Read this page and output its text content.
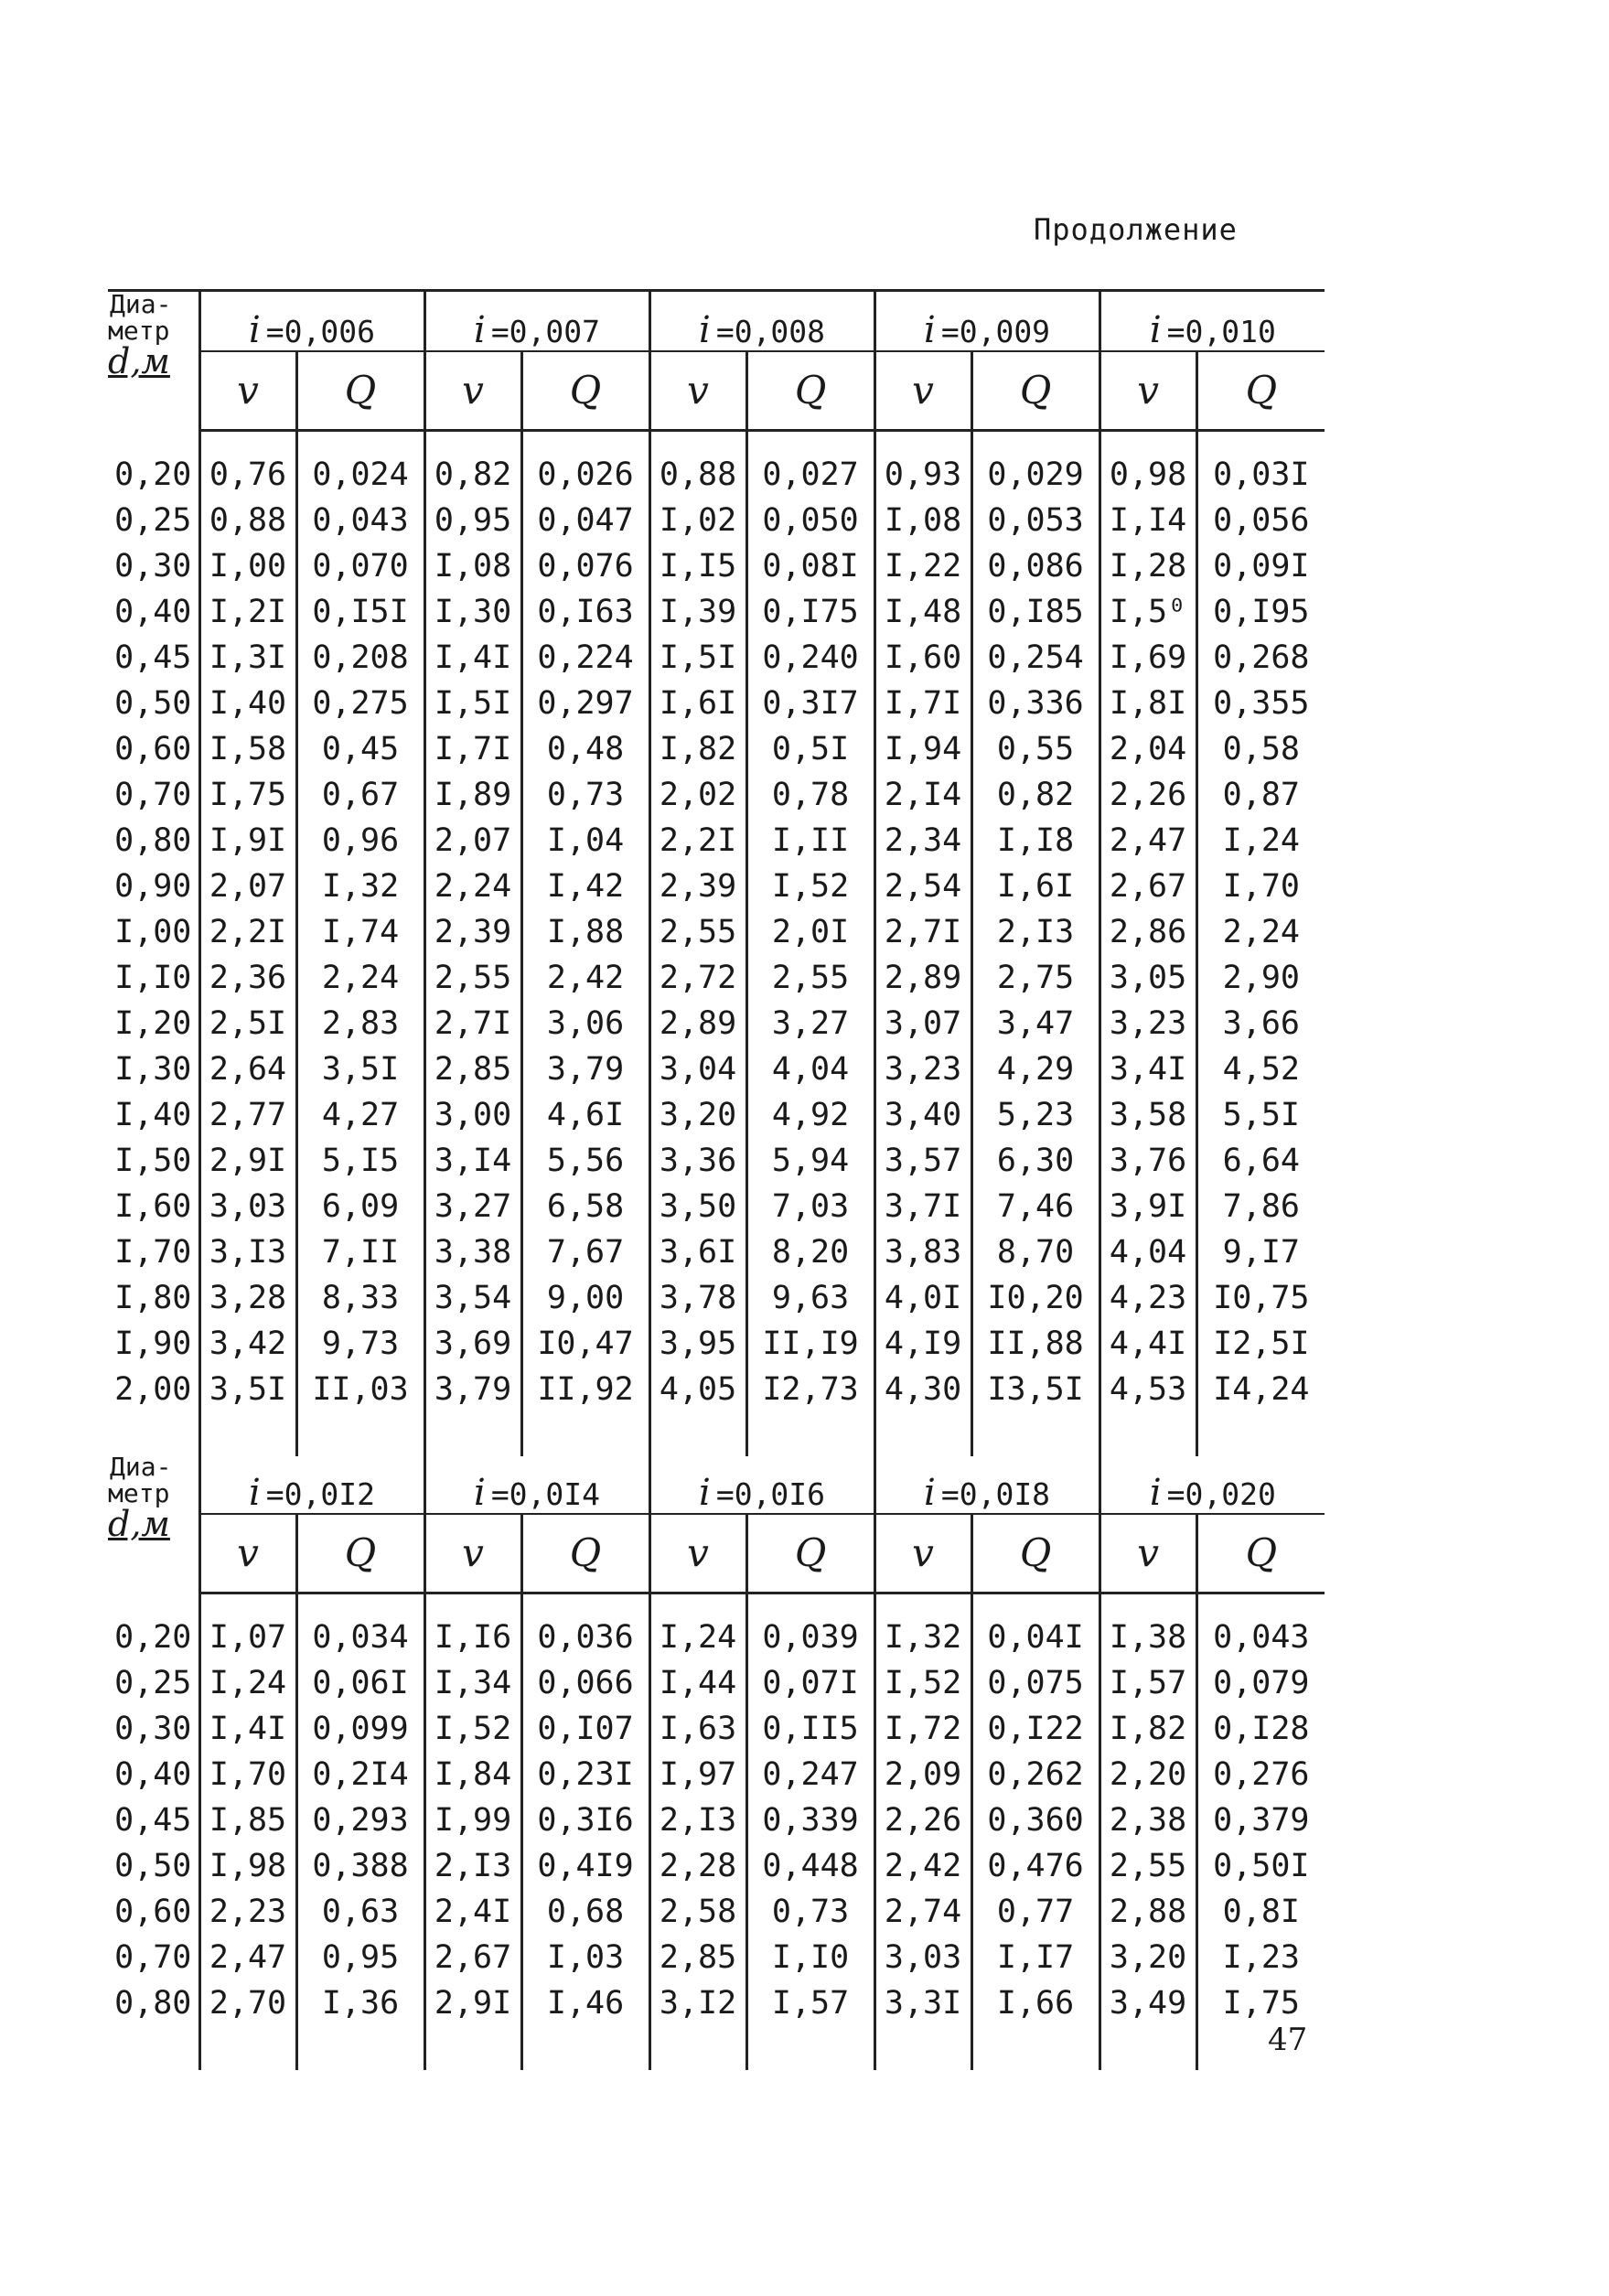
Продолжение
Диа-
метр
d,м	i =0,006		i =0,007		i =0,008		i =0,009		i =0,010	
	v	Q	v	Q	v	Q	v	Q	v	Q

0,20	0,76	0,024	0,82	0,026	0,88	0,027	0,93	0,029	0,98	0,03I
0,25	0,88	0,043	0,95	0,047	I,02	0,050	I,08	0,053	I,I4	0,056
0,30	I,00	0,070	I,08	0,076	I,I5	0,08I	I,22	0,086	I,28	0,09I
0,40	I,2I	0,I5I	I,30	0,I63	I,39	0,I75	I,48	0,I85	I,5⁰	0,I95
0,45	I,3I	0,208	I,4I	0,224	I,5I	0,240	I,60	0,254	I,69	0,268
0,50	I,40	0,275	I,5I	0,297	I,6I	0,3I7	I,7I	0,336	I,8I	0,355
0,60	I,58	0,45	I,7I	0,48	I,82	0,5I	I,94	0,55	2,04	0,58
0,70	I,75	0,67	I,89	0,73	2,02	0,78	2,I4	0,82	2,26	0,87
0,80	I,9I	0,96	2,07	I,04	2,2I	I,II	2,34	I,I8	2,47	I,24
0,90	2,07	I,32	2,24	I,42	2,39	I,52	2,54	I,6I	2,67	I,70
I,00	2,2I	I,74	2,39	I,88	2,55	2,0I	2,7I	2,I3	2,86	2,24
I,I0	2,36	2,24	2,55	2,42	2,72	2,55	2,89	2,75	3,05	2,90
I,20	2,5I	2,83	2,7I	3,06	2,89	3,27	3,07	3,47	3,23	3,66
I,30	2,64	3,5I	2,85	3,79	3,04	4,04	3,23	4,29	3,4I	4,52
I,40	2,77	4,27	3,00	4,6I	3,20	4,92	3,40	5,23	3,58	5,5I
I,50	2,9I	5,I5	3,I4	5,56	3,36	5,94	3,57	6,30	3,76	6,64
I,60	3,03	6,09	3,27	6,58	3,50	7,03	3,7I	7,46	3,9I	7,86
I,70	3,I3	7,II	3,38	7,67	3,6I	8,20	3,83	8,70	4,04	9,I7
I,80	3,28	8,33	3,54	9,00	3,78	9,63	4,0I	I0,20	4,23	I0,75
I,90	3,42	9,73	3,69	I0,47	3,95	II,I9	4,I9	II,88	4,4I	I2,5I
2,00	3,5I	II,03	3,79	II,92	4,05	I2,73	4,30	I3,5I	4,53	I4,24

Диа-
метр
d,м	i =0,0I2		i =0,0I4		i =0,0I6		i =0,0I8		i =0,020	
	v	Q	v	Q	v	Q	v	Q	v	Q

0,20	I,07	0,034	I,I6	0,036	I,24	0,039	I,32	0,04I	I,38	0,043
0,25	I,24	0,06I	I,34	0,066	I,44	0,07I	I,52	0,075	I,57	0,079
0,30	I,4I	0,099	I,52	0,I07	I,63	0,II5	I,72	0,I22	I,82	0,I28
0,40	I,70	0,2I4	I,84	0,23I	I,97	0,247	2,09	0,262	2,20	0,276
0,45	I,85	0,293	I,99	0,3I6	2,I3	0,339	2,26	0,360	2,38	0,379
0,50	I,98	0,388	2,I3	0,4I9	2,28	0,448	2,42	0,476	2,55	0,50I
0,60	2,23	0,63	2,4I	0,68	2,58	0,73	2,74	0,77	2,88	0,8I
0,70	2,47	0,95	2,67	I,03	2,85	I,I0	3,03	I,I7	3,20	I,23
0,80	2,70	I,36	2,9I	I,46	3,I2	I,57	3,3I	I,66	3,49	I,75

47
